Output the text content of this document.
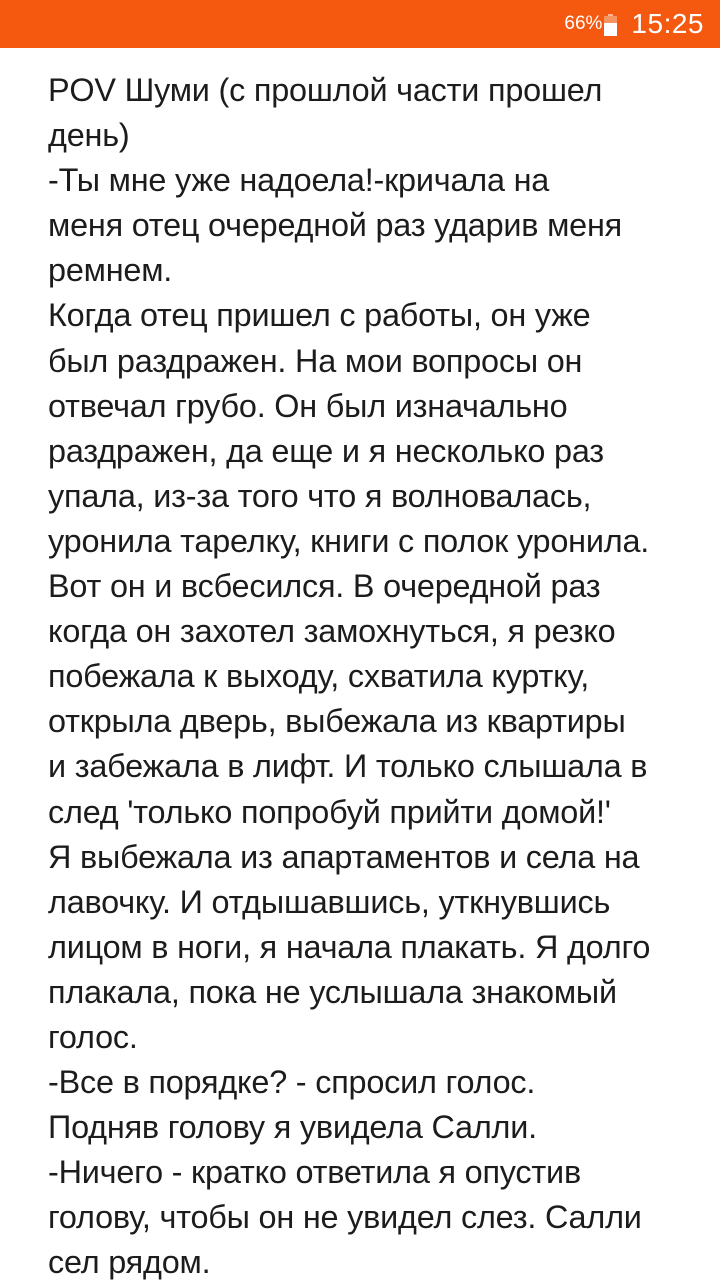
66% 15:25
POV Шуми (с прошлой части прошел
день)
-Ты мне уже надоела!-кричала на
меня отец очередной раз ударив меня
ремнем.
Когда отец пришел с работы, он уже
был раздражен. На мои вопросы он
отвечал грубо. Он был изначально
раздражен, да еще и я несколько раз
упала, из-за того что я волновалась,
уронила тарелку, книги с полок уронила.
Вот он и всбесился. В очередной раз
когда он захотел замохнуться, я резко
побежала к выходу, схватила куртку,
открыла дверь, выбежала из квартиры
и забежала в лифт. И только слышала в
след 'только попробуй прийти домой!'
Я выбежала из апартаментов и села на
лавочку. И отдышавшись, уткнувшись
лицом в ноги, я начала плакать. Я долго
плакала, пока не услышала знакомый
голос.
-Все в порядке? - спросил голос.
Подняв голову я увидела Салли.
-Ничего - кратко ответила я опустив
голову, чтобы он не увидел слез. Салли
сел рядом.
